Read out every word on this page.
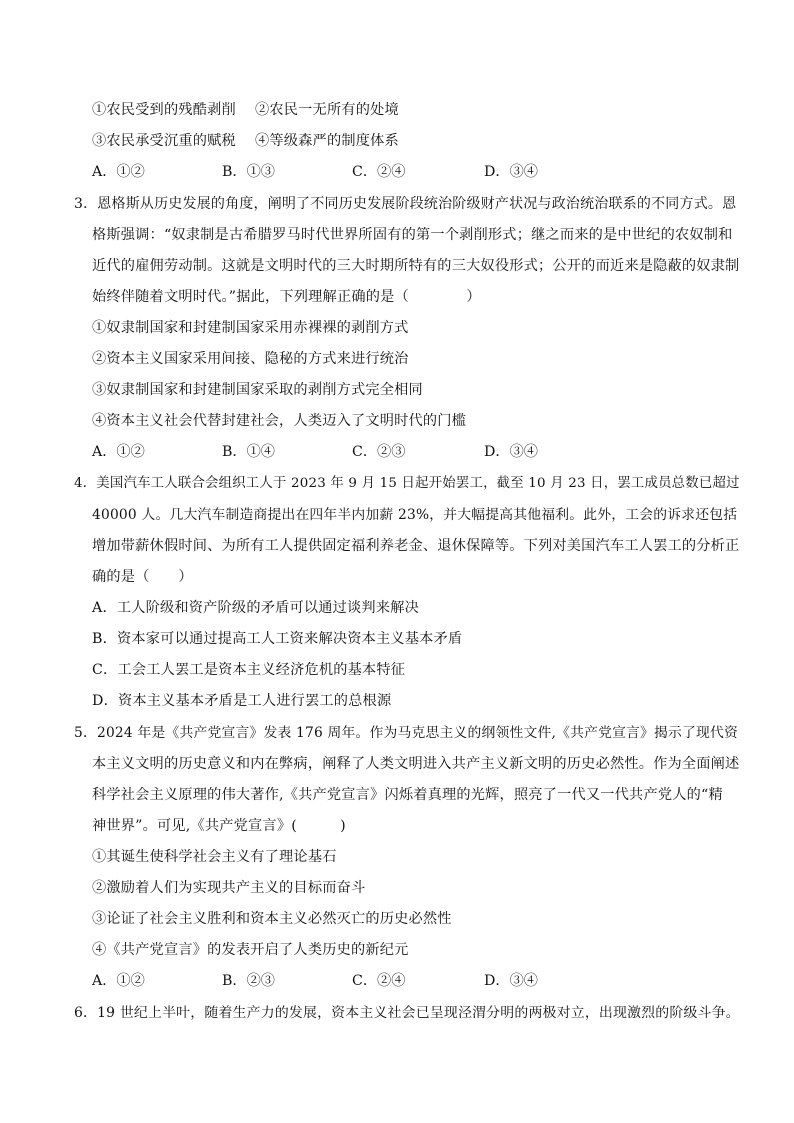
①农民受到的残酷剥削 ②农民一无所有的处境
③农民承受沉重的赋税 ④等级森严的制度体系
A．①②	B．①③	C．②④	D．③④
3．恩格斯从历史发展的角度，阐明了不同历史发展阶段统治阶级财产状况与政治统治联系的不同方式。恩
格斯强调：“奴隶制是古希腊罗马时代世界所固有的第一个剥削形式；继之而来的是中世纪的农奴制和
近代的雇佣劳动制。这就是文明时代的三大时期所特有的三大奴役形式；公开的而近来是隐蔽的奴隶制
始终伴随着文明时代。”据此，下列理解正确的是（　　　　）
①奴隶制国家和封建制国家采用赤裸裸的剥削方式
②资本主义国家采用间接、隐秘的方式来进行统治
③奴隶制国家和封建制国家采取的剥削方式完全相同
④资本主义社会代替封建社会，人类迈入了文明时代的门槛
A．①②	B．①④	C．②③	D．③④
4．美国汽车工人联合会组织工人于 2023 年 9 月 15 日起开始罢工，截至 10 月 23 日，罢工成员总数已超过
40000 人。几大汽车制造商提出在四年半内加薪 23%，并大幅提高其他福利。此外，工会的诉求还包括
增加带薪休假时间、为所有工人提供固定福利养老金、退休保障等。下列对美国汽车工人罢工的分析正
确的是（　　）
A．工人阶级和资产阶级的矛盾可以通过谈判来解决
B．资本家可以通过提高工人工资来解决资本主义基本矛盾
C．工会工人罢工是资本主义经济危机的基本特征
D．资本主义基本矛盾是工人进行罢工的总根源
5．2024 年是《共产党宣言》发表 176 周年。作为马克思主义的纲领性文件,《共产党宣言》揭示了现代资
本主义文明的历史意义和内在弊病，阐释了人类文明进入共产主义新文明的历史必然性。作为全面阐述
科学社会主义原理的伟大著作,《共产党宣言》闪烁着真理的光辉，照亮了一代又一代共产党人的“精
神世界”。可见,《共产党宣言》(　　　)
①其诞生使科学社会主义有了理论基石
②激励着人们为实现共产主义的目标而奋斗
③论证了社会主义胜利和资本主义必然灭亡的历史必然性
④《共产党宣言》的发表开启了人类历史的新纪元
A．①②	B．②③	C．②④	D．③④
6．19 世纪上半叶，随着生产力的发展，资本主义社会已呈现泾渭分明的两极对立，出现激烈的阶级斗争。
